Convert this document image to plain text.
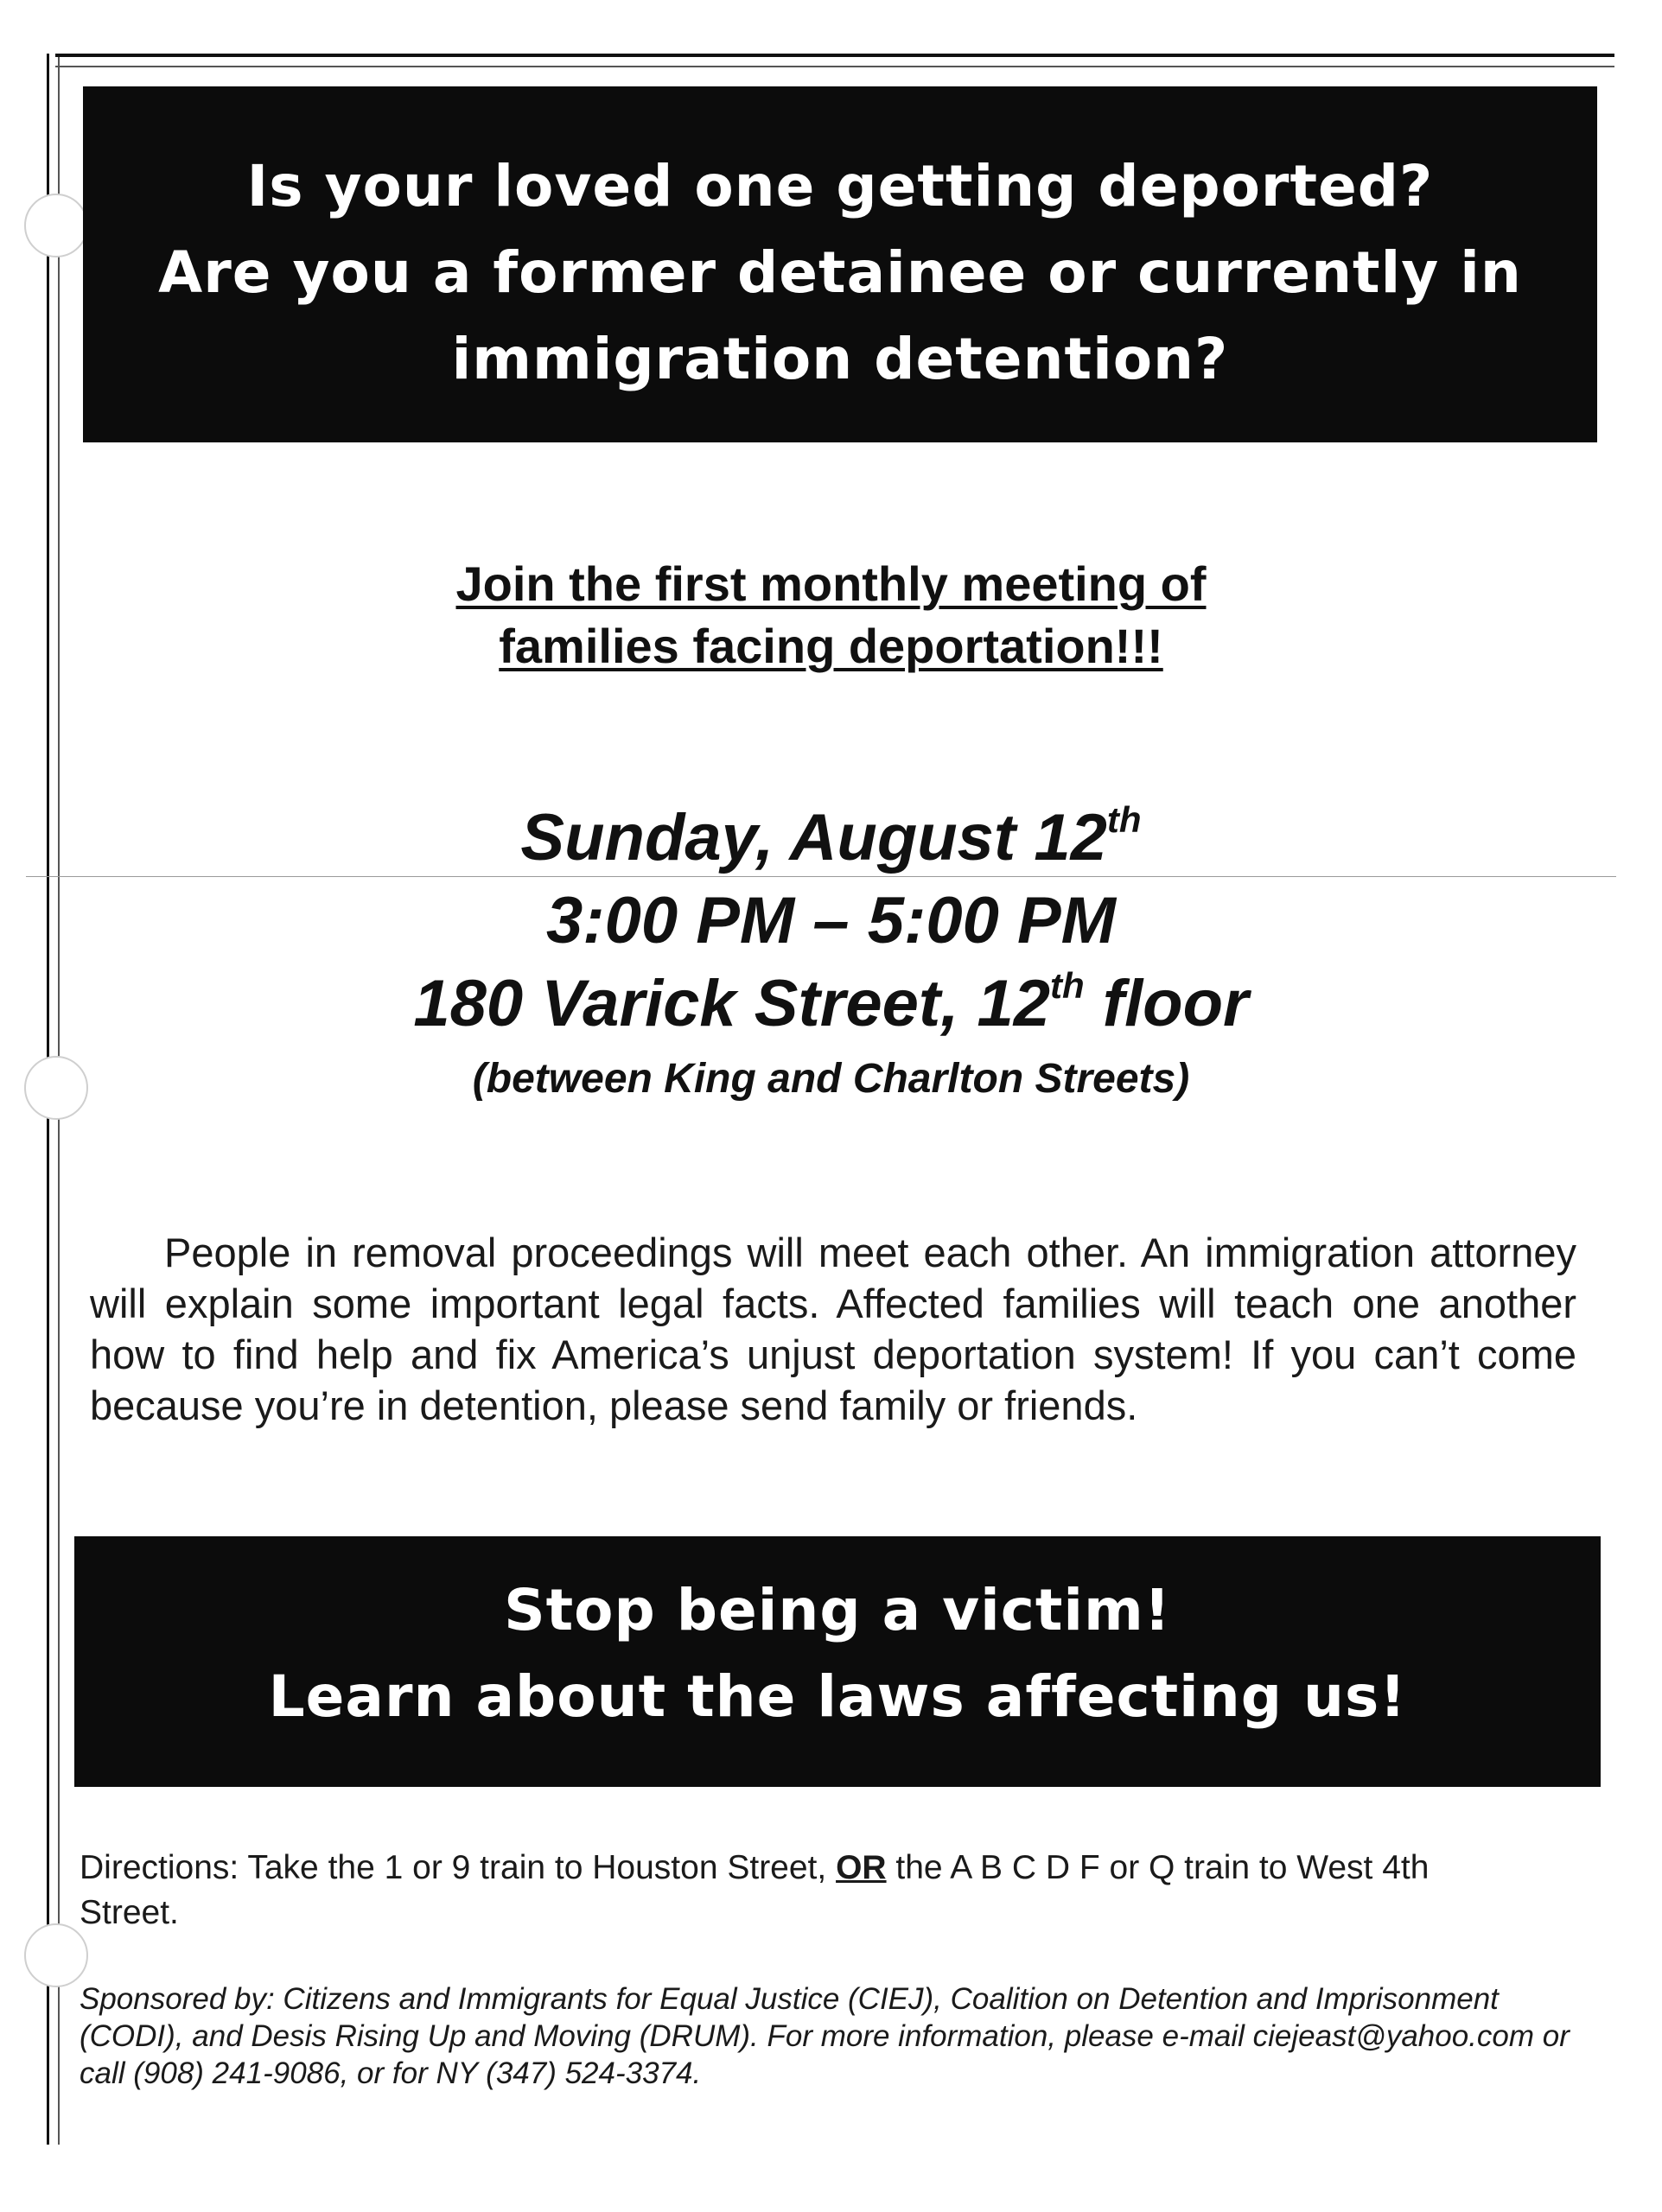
Is your loved one getting deported?
Are you a former detainee or currently in
immigration detention?
Join the first monthly meeting of
families facing deportation!!!
Sunday, August 12th
3:00 PM – 5:00 PM
180 Varick Street, 12th floor
(between King and Charlton Streets)

People in removal proceedings will meet each other. An immigration attorney will explain some important legal facts. Affected families will teach one another how to find help and fix America’s unjust deportation system! If you can’t come because you’re in detention, please send family or friends.

Stop being a victim!
Learn about the laws affecting us!
Directions: Take the 1 or 9 train to Houston Street, OR the A B C D F or Q train to West 4th Street.
Sponsored by: Citizens and Immigrants for Equal Justice (CIEJ), Coalition on Detention and Imprisonment (CODI), and Desis Rising Up and Moving (DRUM). For more information, please e-mail ciejeast@yahoo.com or call (908) 241-9086, or for NY (347) 524-3374.
